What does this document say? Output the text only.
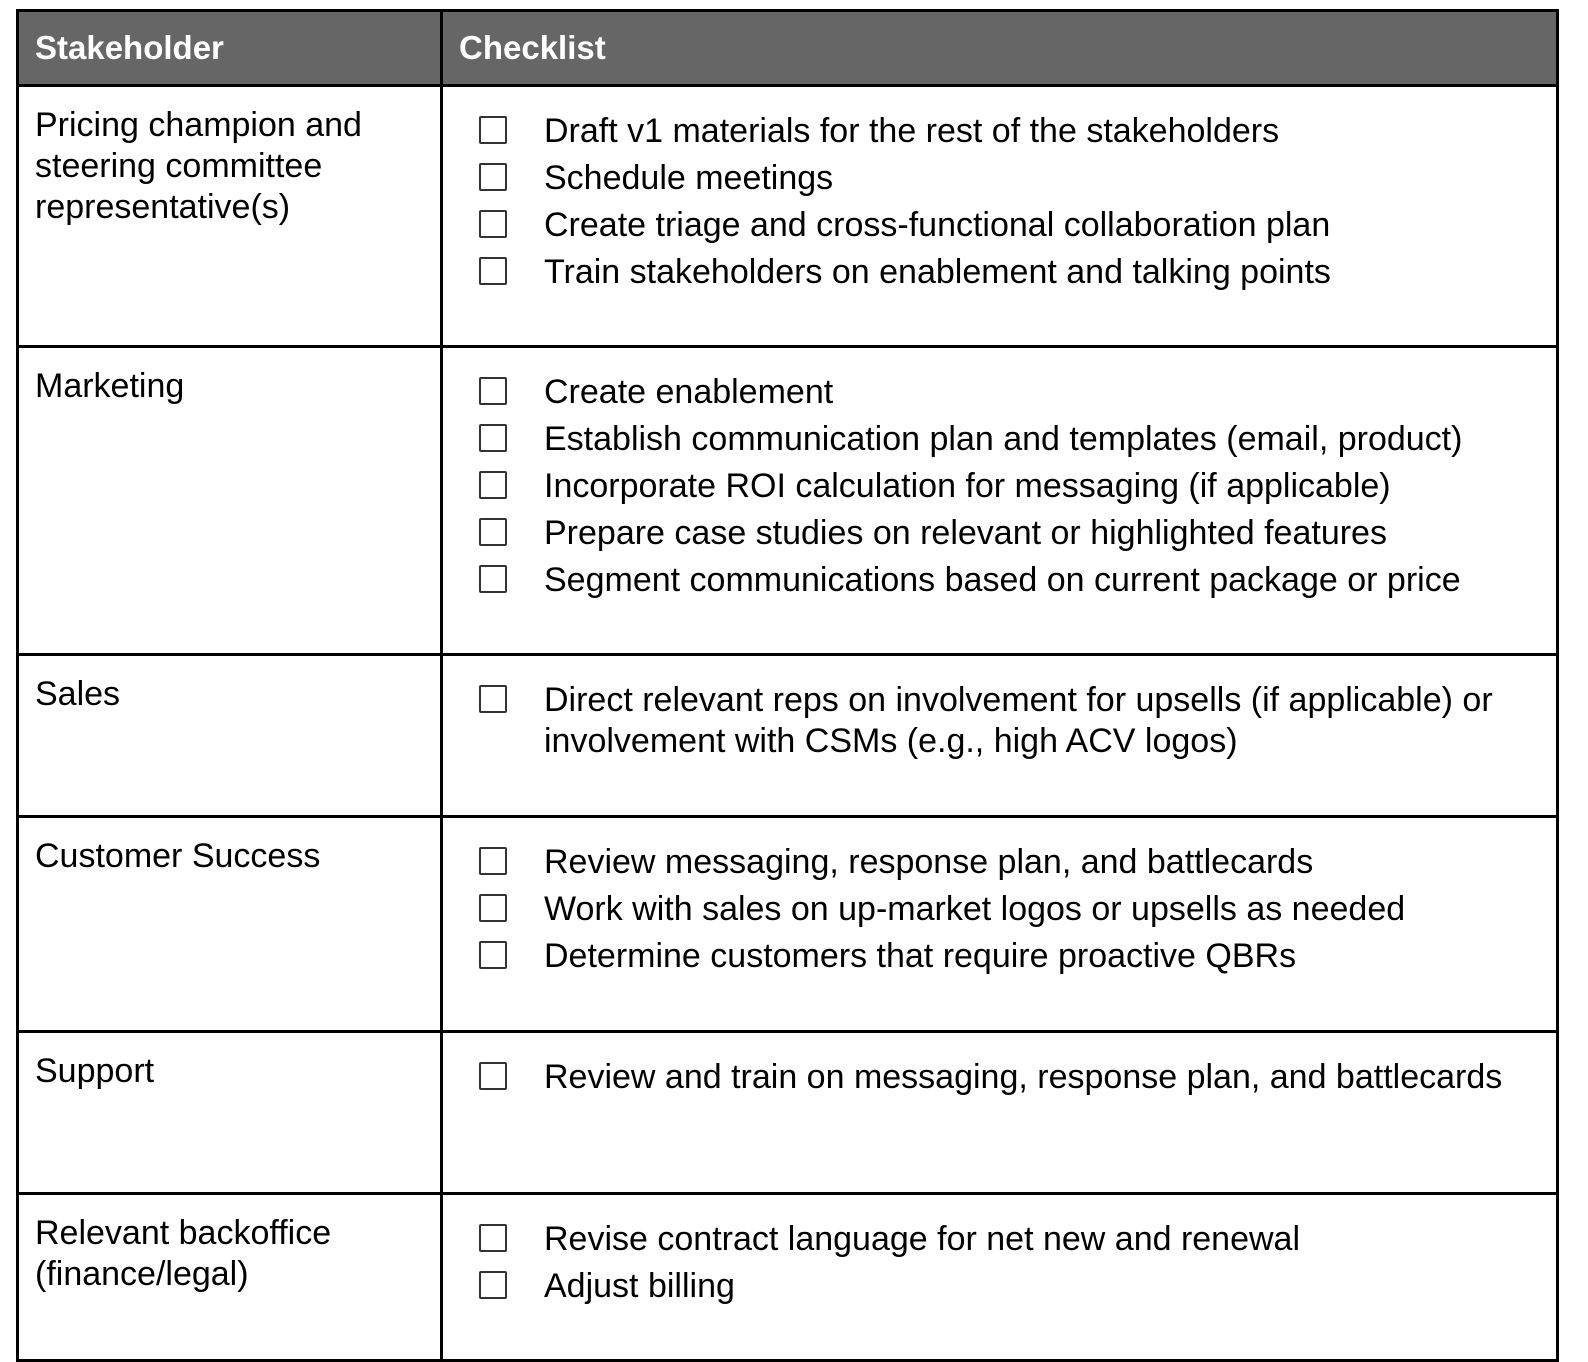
Stakeholder	Checklist

Pricing champion and steering committee representative(s)	Draft v1 materials for the rest of the stakeholders
Schedule meetings
Create triage and cross-functional collaboration plan
Train stakeholders on enablement and talking points

Marketing	Create enablement
Establish communication plan and templates (email, product)
Incorporate ROI calculation for messaging (if applicable)
Prepare case studies on relevant or highlighted features
Segment communications based on current package or price

Sales	Direct relevant reps on involvement for upsells (if applicable) or involvement with CSMs (e.g., high ACV logos)

Customer Success	Review messaging, response plan, and battlecards
Work with sales on up-market logos or upsells as needed
Determine customers that require proactive QBRs

Support	Review and train on messaging, response plan, and battlecards

Relevant backoffice (finance/legal)	Revise contract language for net new and renewal
Adjust billing
